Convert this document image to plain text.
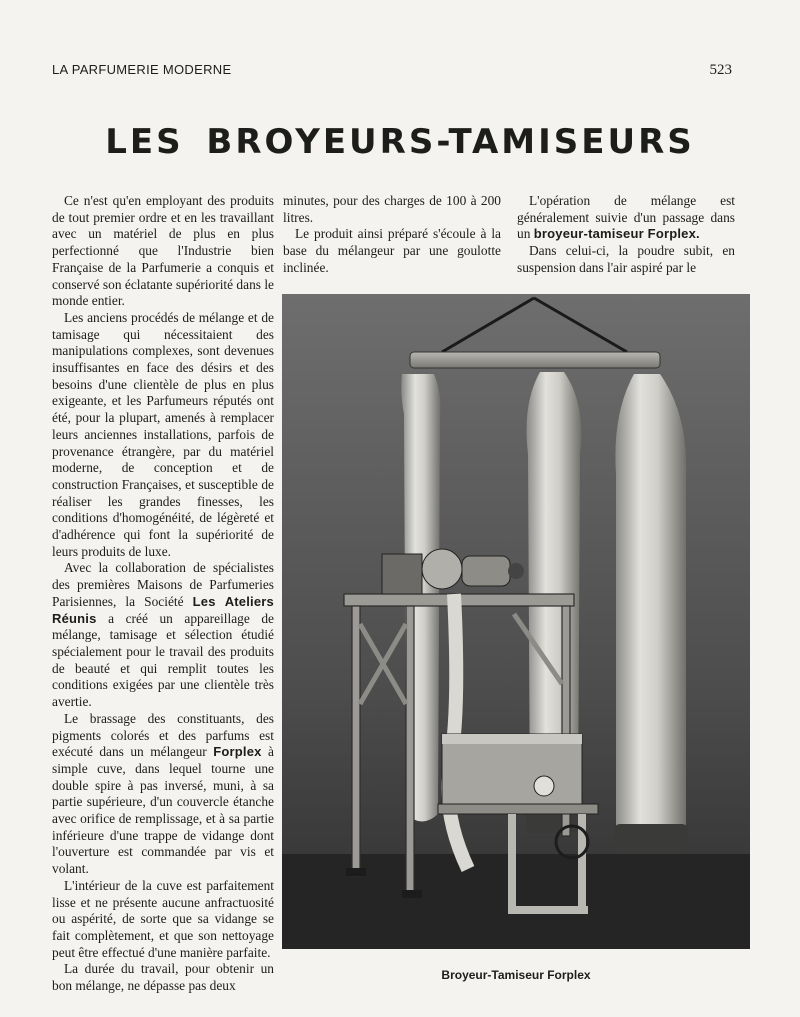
LA PARFUMERIE MODERNE	523
LES BROYEURS-TAMISEURS

Ce n'est qu'en employant des produits de tout premier ordre et en les travaillant avec un matériel de plus en plus perfectionné que l'Industrie bien Française de la Parfumerie a conquis et conservé son éclatante supériorité dans le monde entier.

Les anciens procédés de mélange et de tamisage qui nécessitaient des manipulations complexes, sont devenues insuffisantes en face des désirs et des besoins d'une clientèle de plus en plus exigeante, et les Parfumeurs réputés ont été, pour la plupart, amenés à remplacer leurs anciennes installations, parfois de provenance étrangère, par du matériel moderne, de conception et de construction Françaises, et susceptible de réaliser les grandes finesses, les conditions d'homogénéité, de légèreté et d'adhérence qui font la supériorité de leurs produits de luxe.

Avec la collaboration de spécialistes des premières Maisons de Parfumeries Parisiennes, la Société Les Ateliers Réunis a créé un appareillage de mélange, tamisage et sélection étudié spécialement pour le travail des produits de beauté et qui remplit toutes les conditions exigées par une clientèle très avertie.

Le brassage des constituants, des pigments colorés et des parfums est exécuté dans un mélangeur Forplex à simple cuve, dans lequel tourne une double spire à pas inversé, muni, à sa partie supérieure, d'un couvercle étanche avec orifice de remplissage, et à sa partie inférieure d'une trappe de vidange dont l'ouverture est commandée par vis et volant.

L'intérieur de la cuve est parfaitement lisse et ne présente aucune anfractuosité ou aspérité, de sorte que sa vidange se fait complètement, et que son nettoyage peut être effectué d'une manière parfaite.

La durée du travail, pour obtenir un bon mélange, ne dépasse pas deux

minutes, pour des charges de 100 à 200 litres.

Le produit ainsi préparé s'écoule à la base du mélangeur par une goulotte inclinée.

L'opération de mélange est généralement suivie d'un passage dans un broyeur-tamiseur Forplex.

Dans celui-ci, la poudre subit, en suspension dans l'air aspiré par le

Broyeur-Tamiseur Forplex
